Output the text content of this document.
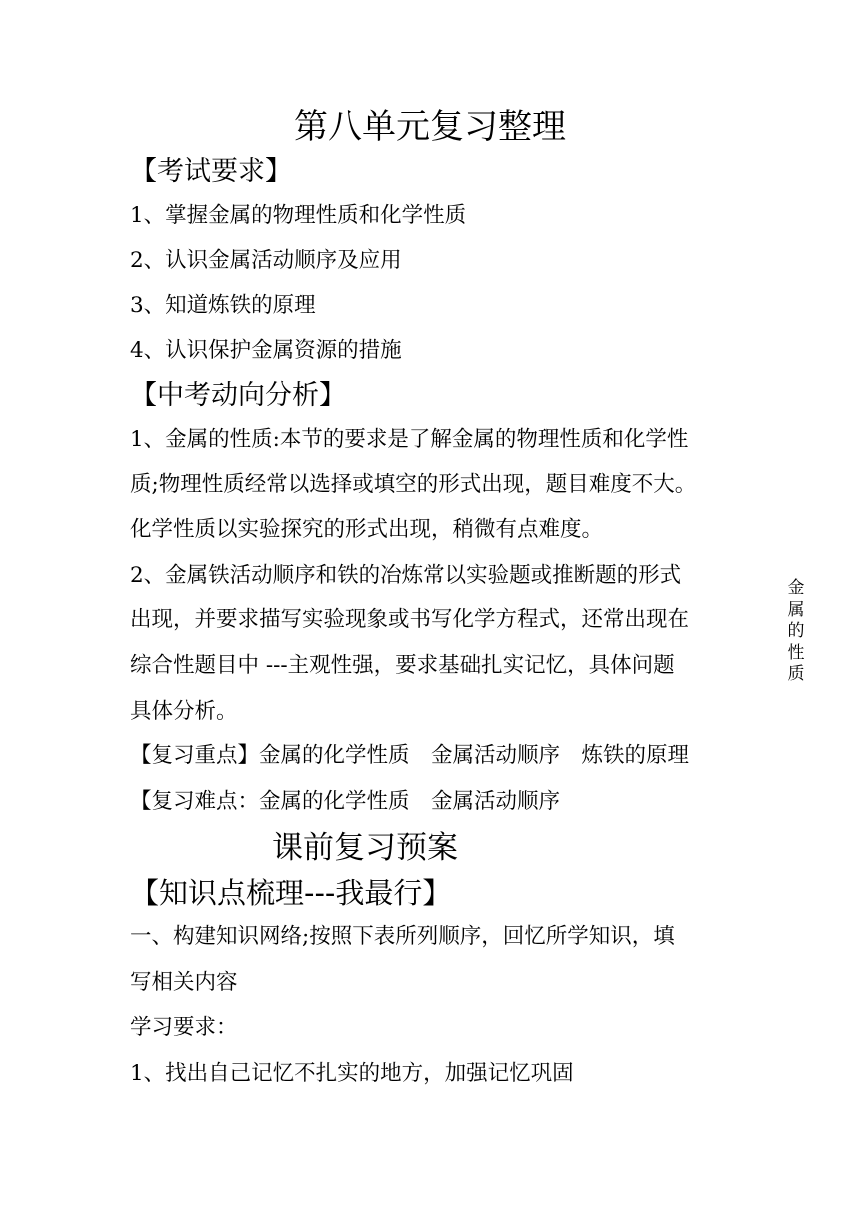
第八单元复习整理
【考试要求】
1、掌握金属的物理性质和化学性质
2、认识金属活动顺序及应用
3、知道炼铁的原理
4、认识保护金属资源的措施
【中考动向分析】
1、金属的性质:本节的要求是了解金属的物理性质和化学性
质;物理性质经常以选择或填空的形式出现，题目难度不大。
化学性质以实验探究的形式出现，稍微有点难度。
2、金属铁活动顺序和铁的冶炼常以实验题或推断题的形式
出现，并要求描写实验现象或书写化学方程式，还常出现在
综合性题目中 ---主观性强，要求基础扎实记忆，具体问题
具体分析。
【复习重点】金属的化学性质　金属活动顺序　炼铁的原理
【复习难点：金属的化学性质　金属活动顺序
课前复习预案
【知识点梳理---我最行】
一、构建知识网络;按照下表所列顺序，回忆所学知识，填
写相关内容
学习要求：
1、找出自己记忆不扎实的地方，加强记忆巩固
金属的性质
